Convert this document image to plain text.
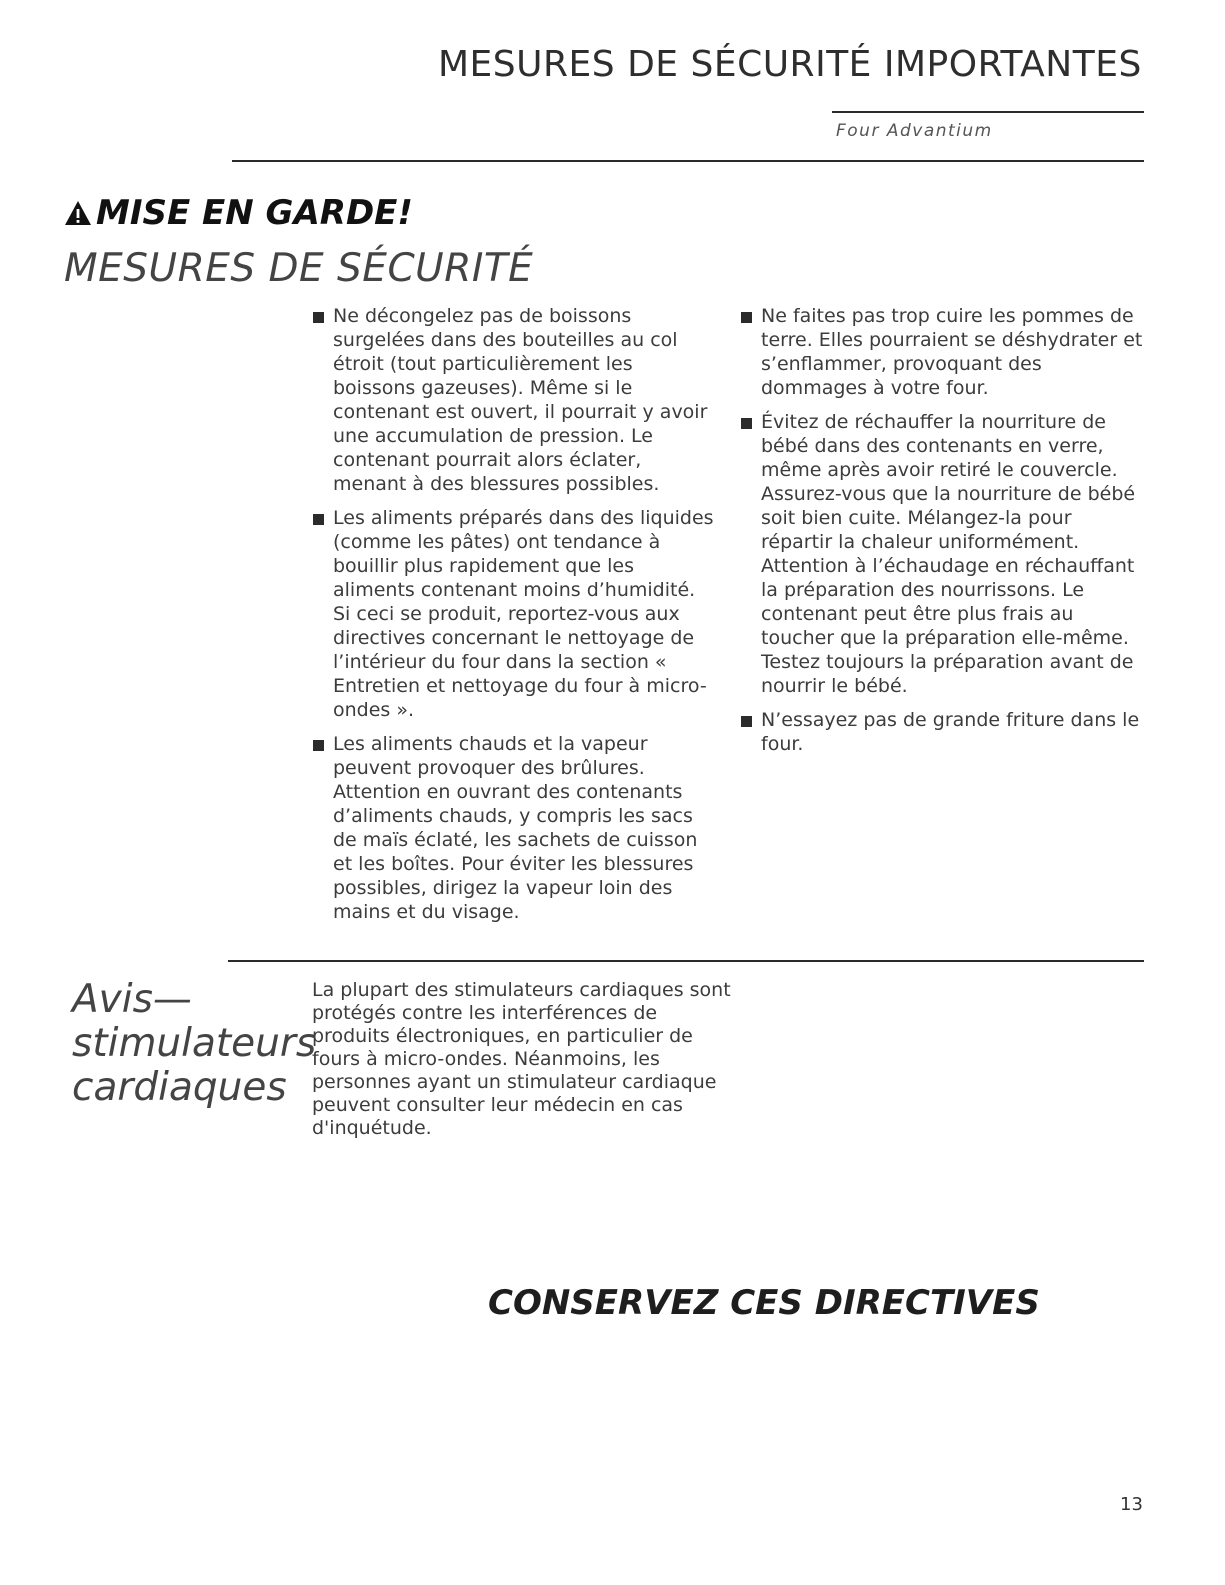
MESURES DE SÉCURITÉ IMPORTANTES
Four Advantium
MISE EN GARDE!
MESURES DE SÉCURITÉ
Ne décongelez pas de boissons surgelées dans des bouteilles au col étroit (tout particulièrement les boissons gazeuses). Même si le contenant est ouvert, il pourrait y avoir une accumulation de pression. Le contenant pourrait alors éclater, menant à des blessures possibles.
Les aliments préparés dans des liquides (comme les pâtes) ont tendance à bouillir plus rapidement que les aliments contenant moins d’humidité. Si ceci se produit, reportez-vous aux directives concernant le nettoyage de l’intérieur du four dans la section « Entretien et nettoyage du four à micro-ondes ».
Les aliments chauds et la vapeur peuvent provoquer des brûlures. Attention en ouvrant des contenants d’aliments chauds, y compris les sacs de maïs éclaté, les sachets de cuisson et les boîtes. Pour éviter les blessures possibles, dirigez la vapeur loin des mains et du visage.
Ne faites pas trop cuire les pommes de terre. Elles pourraient se déshydrater et s’enflammer, provoquant des dommages à votre four.
Évitez de réchauffer la nourriture de bébé dans des contenants en verre, même après avoir retiré le couvercle. Assurez-vous que la nourriture de bébé soit bien cuite. Mélangez-la pour répartir la chaleur uniformément. Attention à l’échaudage en réchauffant la préparation des nourrissons. Le contenant peut être plus frais au toucher que la préparation elle-même. Testez toujours la préparation avant de nourrir le bébé.
N’essayez pas de grande friture dans le four.
Avis— stimulateurs cardiaques
La plupart des stimulateurs cardiaques sont protégés contre les interférences de produits électroniques, en particulier de fours à micro-ondes. Néanmoins, les personnes ayant un stimulateur cardiaque peuvent consulter leur médecin en cas d'inquétude.
CONSERVEZ CES DIRECTIVES
13
